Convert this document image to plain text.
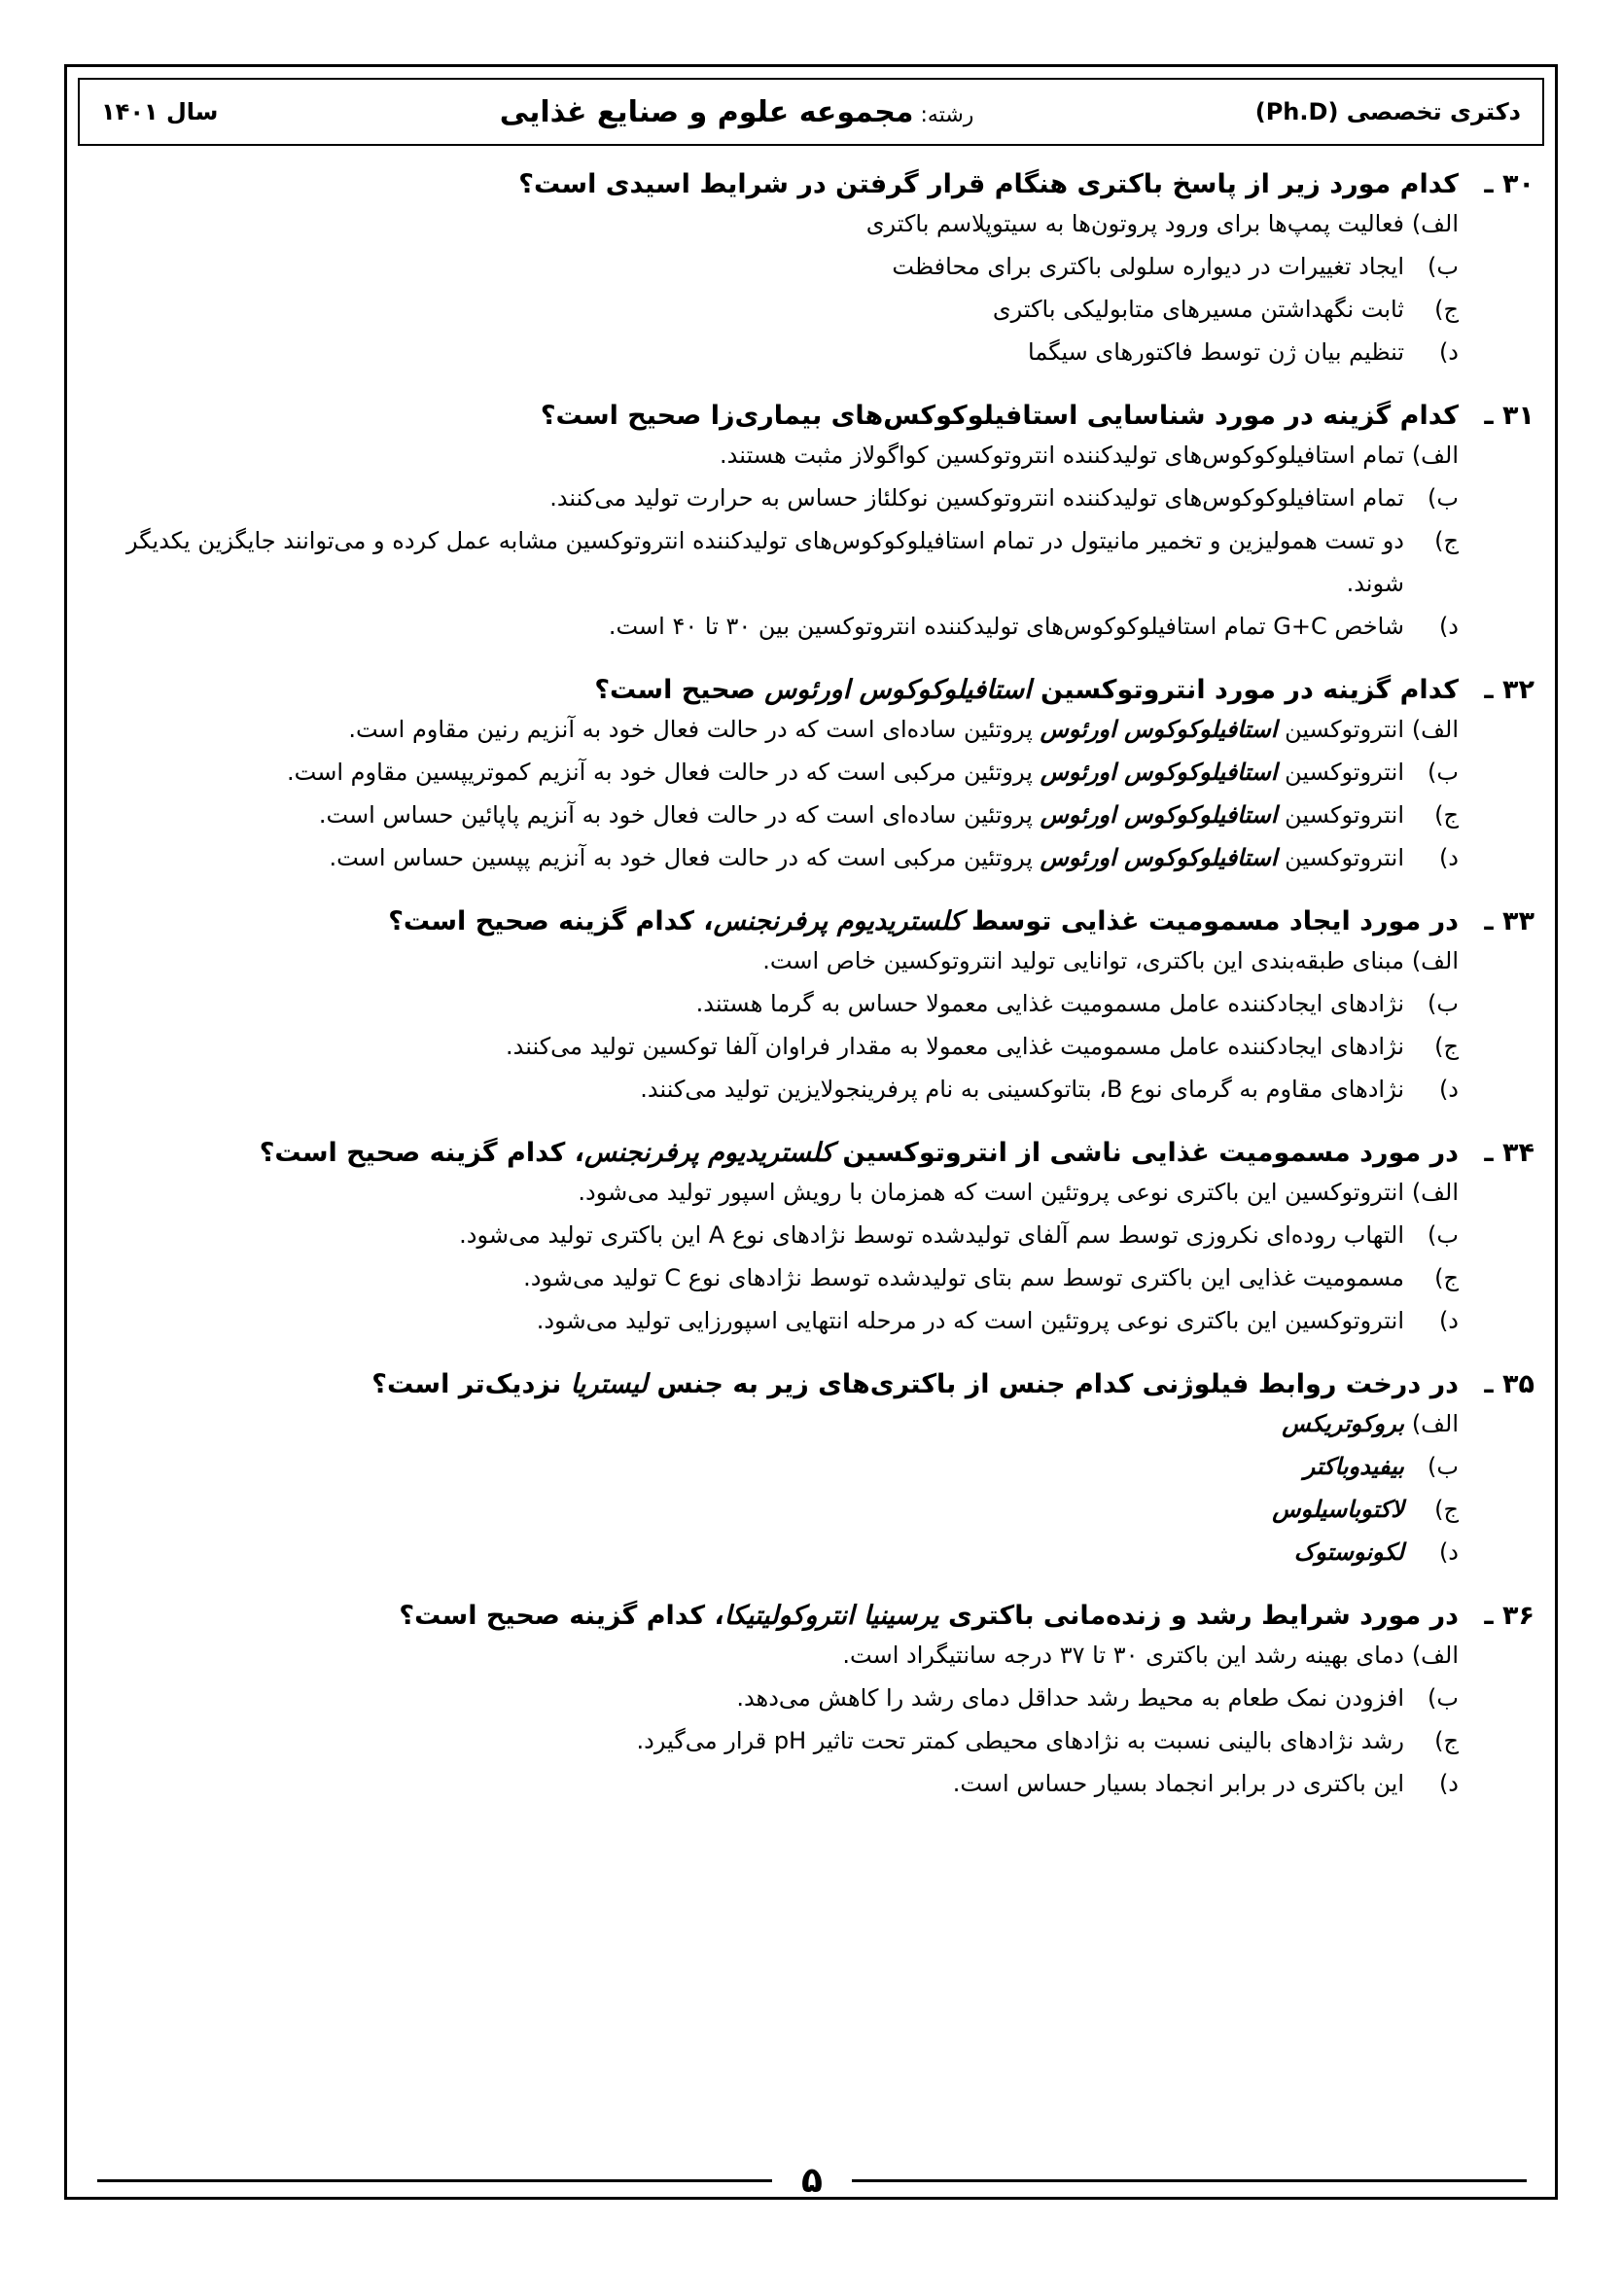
دکتری تخصصی (Ph.D)
رشته: مجموعه علوم و صنایع غذایی
سال ۱۴۰۱
۳۰ ـ
کدام مورد زیر از پاسخ باکتری هنگام قرار گرفتن در شرایط اسیدی است؟
الف)
فعالیت پمپ‌ها برای ورود پروتون‌ها به سیتوپلاسم باکتری
ب)
ایجاد تغییرات در دیواره سلولی باکتری برای محافظت
ج)
ثابت نگهداشتن مسیرهای متابولیکی باکتری
د)
تنظیم بیان ژن توسط فاکتورهای سیگما
۳۱ ـ
کدام گزینه در مورد شناسایی استافیلوکوکس‌های بیماری‌زا صحیح است؟
الف)
تمام استافیلوکوکوس‌های تولیدکننده انتروتوکسین کواگولاز مثبت هستند.
ب)
تمام استافیلوکوکوس‌های تولیدکننده انتروتوکسین نوکلئاز حساس به حرارت تولید می‌کنند.
ج)
دو تست همولیزین و تخمیر مانیتول در تمام استافیلوکوکوس‌های تولیدکننده انتروتوکسین مشابه عمل کرده و می‌توانند جایگزین یکدیگر شوند.
د)
شاخص G+C تمام استافیلوکوکوس‌های تولیدکننده انتروتوکسین بین ۳۰ تا ۴۰ است.
۳۲ ـ
کدام گزینه در مورد انتروتوکسین استافیلوکوکوس اورئوس صحیح است؟
الف)
انتروتوکسین استافیلوکوکوس اورئوس پروتئین ساده‌ای است که در حالت فعال خود به آنزیم رنین مقاوم است.
ب)
انتروتوکسین استافیلوکوکوس اورئوس پروتئین مرکبی است که در حالت فعال خود به آنزیم کموتریپسین مقاوم است.
ج)
انتروتوکسین استافیلوکوکوس اورئوس پروتئین ساده‌ای است که در حالت فعال خود به آنزیم پاپائین حساس است.
د)
انتروتوکسین استافیلوکوکوس اورئوس پروتئین مرکبی است که در حالت فعال خود به آنزیم پپسین حساس است.
۳۳ ـ
در مورد ایجاد مسمومیت غذایی توسط کلستریدیوم پرفرنجنس، کدام گزینه صحیح است؟
الف)
مبنای طبقه‌بندی این باکتری، توانایی تولید انتروتوکسین خاص است.
ب)
نژادهای ایجادکننده عامل مسمومیت غذایی معمولا حساس به گرما هستند.
ج)
نژادهای ایجادکننده عامل مسمومیت غذایی معمولا به مقدار فراوان آلفا توکسین تولید می‌کنند.
د)
نژادهای مقاوم به گرمای نوع B، بتاتوکسینی به نام پرفرینجولایزین تولید می‌کنند.
۳۴ ـ
در مورد مسمومیت غذایی ناشی از انتروتوکسین کلستریدیوم پرفرنجنس، کدام گزینه صحیح است؟
الف)
انتروتوکسین این باکتری نوعی پروتئین است که همزمان با رویش اسپور تولید می‌شود.
ب)
التهاب روده‌ای نکروزی توسط سم آلفای تولیدشده توسط نژادهای نوع A این باکتری تولید می‌شود.
ج)
مسمومیت غذایی این باکتری توسط سم بتای تولیدشده توسط نژادهای نوع C تولید می‌شود.
د)
انتروتوکسین این باکتری نوعی پروتئین است که در مرحله انتهایی اسپورزایی تولید می‌شود.
۳۵ ـ
در درخت روابط فیلوژنی کدام جنس از باکتری‌های زیر به جنس لیستریا نزدیک‌تر است؟
الف)
بروکوتریکس
ب)
بیفیدوباکتر
ج)
لاکتوباسیلوس
د)
لکونوستوک
۳۶ ـ
در مورد شرایط رشد و زنده‌مانی باکتری یرسینیا انتروکولیتیکا، کدام گزینه صحیح است؟
الف)
دمای بهینه رشد این باکتری ۳۰ تا ۳۷ درجه سانتیگراد است.
ب)
افزودن نمک طعام به محیط رشد حداقل دمای رشد را کاهش می‌دهد.
ج)
رشد نژادهای بالینی نسبت به نژادهای محیطی کمتر تحت تاثیر pH قرار می‌گیرد.
د)
این باکتری در برابر انجماد بسیار حساس است.
۵
